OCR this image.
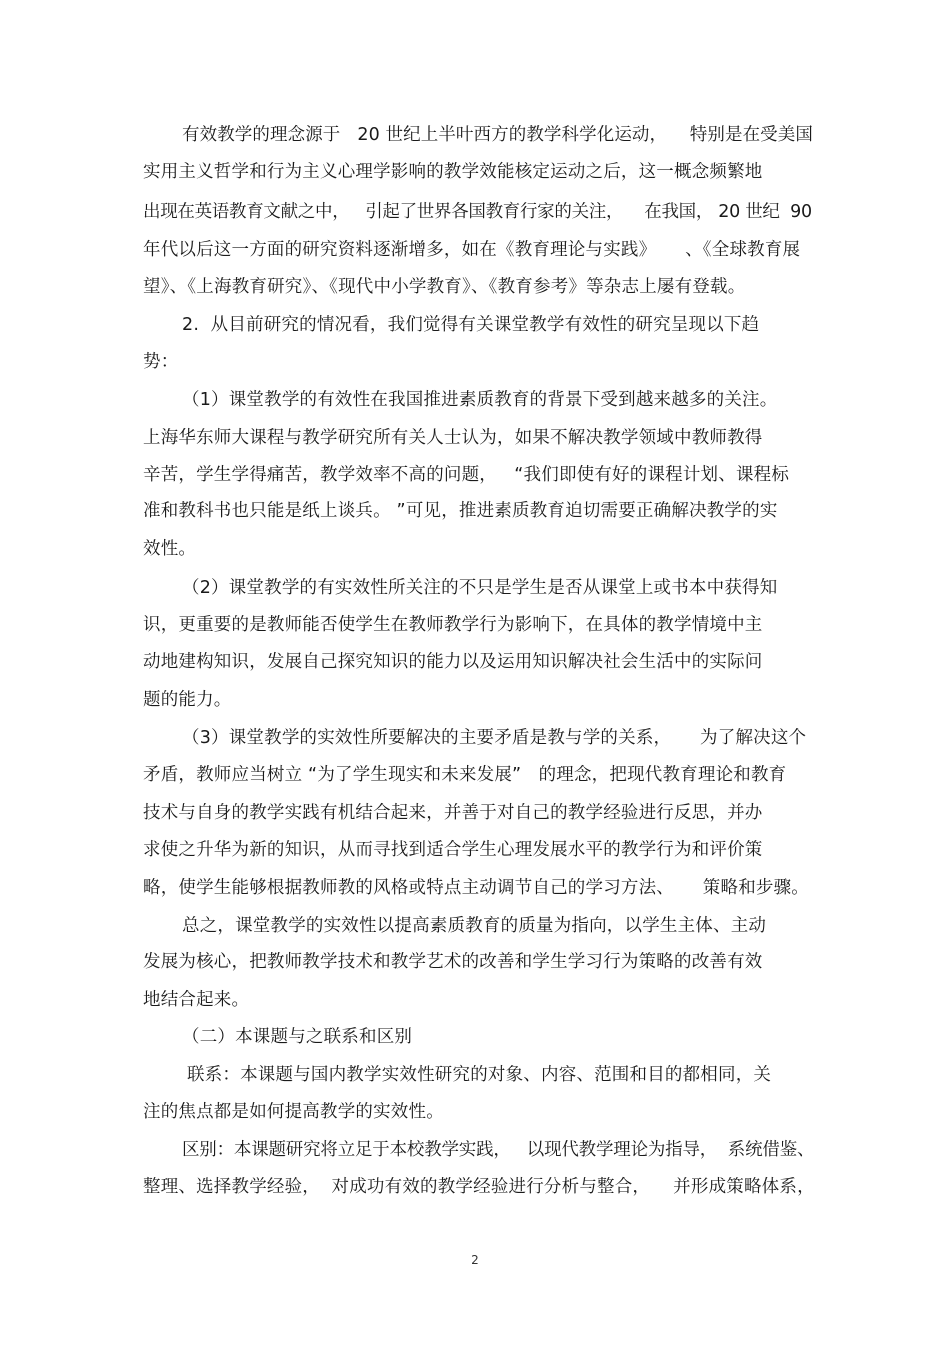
有效教学的理念源于   20 世纪上半叶西方的教学科学化运动，    特别是在受美国
实用主义哲学和行为主义心理学影响的教学效能核定运动之后，这一概念频繁地
出现在英语教育文献之中，   引起了世界各国教育行家的关注，    在我国， 20 世纪  90
年代以后这一方面的研究资料逐渐增多，如在《教育理论与实践》     、《全球教育展
望》、《上海教育研究》、《现代中小学教育》、《教育参考》等杂志上屡有登载。
2.  从目前研究的情况看，我们觉得有关课堂教学有效性的研究呈现以下趋
势：
（1）课堂教学的有效性在我国推进素质教育的背景下受到越来越多的关注。
上海华东师大课程与教学研究所有关人士认为，如果不解决教学领域中教师教得
辛苦，学生学得痛苦，教学效率不高的问题，   “我们即使有好的课程计划、课程标
准和教科书也只能是纸上谈兵。 ”可见，推进素质教育迫切需要正确解决教学的实
效性。
（2）课堂教学的有实效性所关注的不只是学生是否从课堂上或书本中获得知
识，更重要的是教师能否使学生在教师教学行为影响下，在具体的教学情境中主
动地建构知识，发展自己探究知识的能力以及运用知识解决社会生活中的实际问
题的能力。
（3）课堂教学的实效性所要解决的主要矛盾是教与学的关系，     为了解决这个
矛盾，教师应当树立 “为了学生现实和未来发展”   的理念，把现代教育理论和教育
技术与自身的教学实践有机结合起来，并善于对自己的教学经验进行反思，并办
求使之升华为新的知识，从而寻找到适合学生心理发展水平的教学行为和评价策
略，使学生能够根据教师教的风格或特点主动调节自己的学习方法、     策略和步骤。
总之，课堂教学的实效性以提高素质教育的质量为指向，以学生主体、主动
发展为核心，把教师教学技术和教学艺术的改善和学生学习行为策略的改善有效
地结合起来。
（二）本课题与之联系和区别
联系：本课题与国内教学实效性研究的对象、内容、范围和目的都相同，关
注的焦点都是如何提高教学的实效性。
区别：本课题研究将立足于本校教学实践，   以现代教学理论为指导，  系统借鉴、
整理、选择教学经验，  对成功有效的教学经验进行分析与整合，    并形成策略体系，
2
